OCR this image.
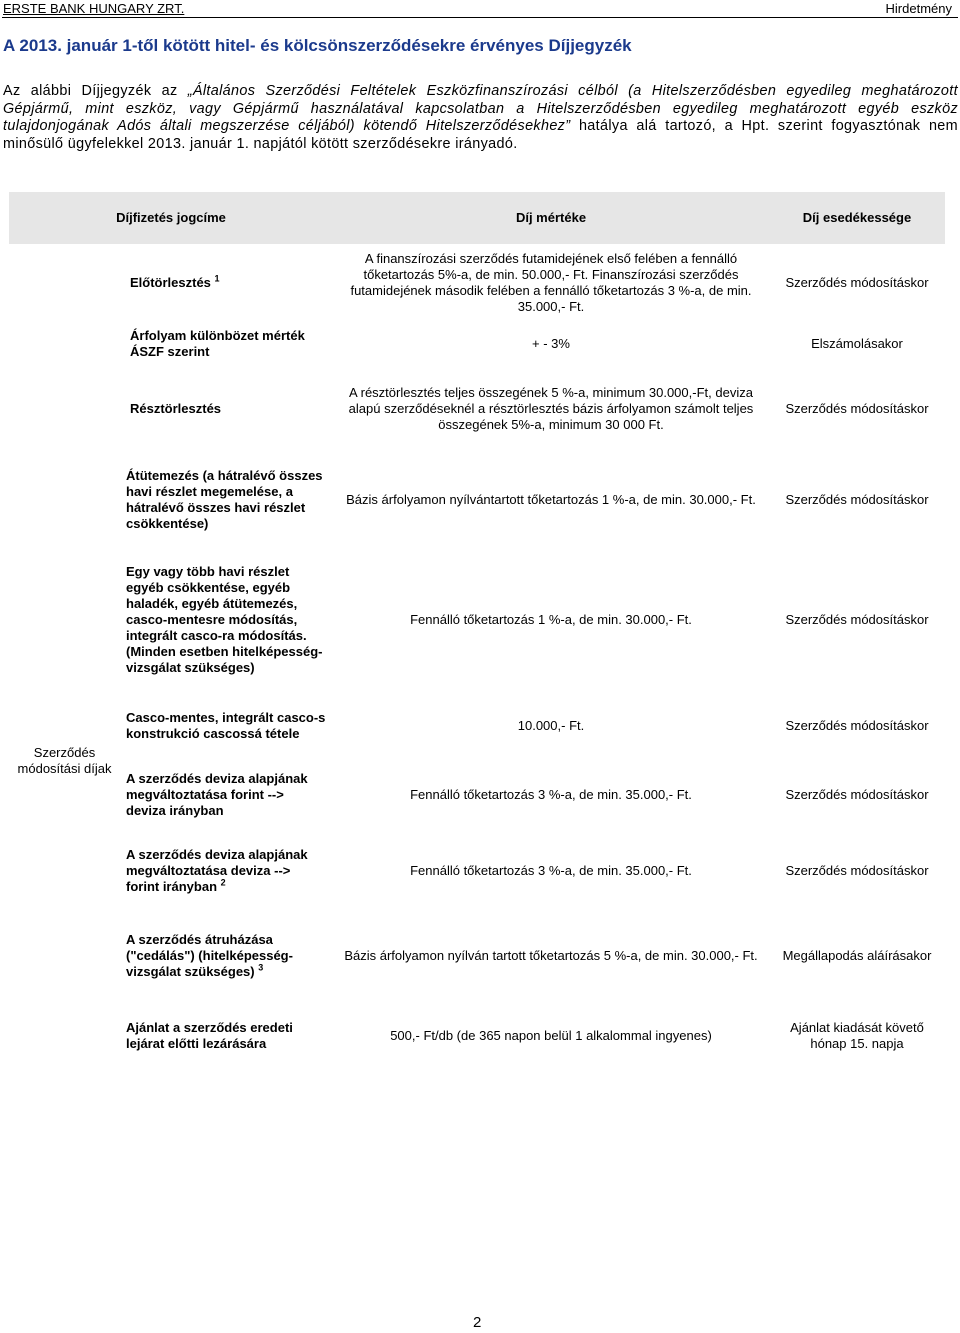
ERSTE BANK HUNGARY ZRT.	Hirdetmény
A 2013. január 1-től kötött hitel- és kölcsönszerződésekre érvényes Díjjegyzék
Az alábbi Díjjegyzék az „Általános Szerződési Feltételek Eszközfinanszírozási célból (a Hitelszerződésben egyedileg meghatározott Gépjármű, mint eszköz, vagy Gépjármű használatával kapcsolatban a Hitelszerződésben egyedileg meghatározott egyéb eszköz tulajdonjogának Adós általi megszerzése céljából) kötendő Hitelszerződésekhez” hatálya alá tartozó, a Hpt. szerint fogyasztónak nem minősülő ügyfelekkel 2013. január 1. napjától kötött szerződésekre irányadó.
Díjfizetés jogcíme		Díj mértéke	Díj esedékessége
Előtörlesztés $^1$		A finanszírozási szerződés futamidejének első felében a fennálló tőketartozás 5%-a, de min. 50.000,- Ft. Finanszírozási szerződés futamidejének második felében a fennálló tőketartozás 3 %-a, de min. 35.000,- Ft.	Szerződés módosításkor
Árfolyam különbözet mérték ÁSZF szerint		+ - 3%	Elszámolásakor
Résztörlesztés		A résztörlesztés teljes összegének 5 %-a, minimum 30.000,-Ft, deviza alapú szerződéseknél a résztörlesztés bázis árfolyamon számolt teljes összegének 5%-a, minimum 30 000 Ft.	Szerződés módosításkor
Szerződés módosítási díjak	Átütemezés (a hátralévő összes havi részlet megemelése, a hátralévő összes havi részlet csökkentése)	Bázis árfolyamon nyílvántartott tőketartozás 1 %-a, de min. 30.000,- Ft.	Szerződés módosításkor
	Egy vagy több havi részlet egyéb csökkentése, egyéb haladék, egyéb átütemezés, casco-mentesre módosítás, integrált casco-ra módosítás. (Minden esetben hitelképesség-vizsgálat szükséges)	Fennálló tőketartozás 1 %-a, de min. 30.000,- Ft.	Szerződés módosításkor
	Casco-mentes, integrált casco-s konstrukció cascossá tétele	10.000,- Ft.	Szerződés módosításkor
	A szerződés deviza alapjának megváltoztatása forint --> deviza irányban	Fennálló tőketartozás 3 %-a, de min. 35.000,- Ft.	Szerződés módosításkor
	A szerződés deviza alapjának megváltoztatása deviza --> forint irányban $^2$	Fennálló tőketartozás 3 %-a, de min. 35.000,- Ft.	Szerződés módosításkor
	A szerződés átruházása ("cedálás") (hitelképesség-vizsgálat szükséges) $^3$	Bázis árfolyamon nyílván tartott tőketartozás 5 %-a, de min. 30.000,- Ft.	Megállapodás aláírásakor
	Ajánlat a szerződés eredeti lejárat előtti lezárására	500,- Ft/db (de 365 napon belül 1 alkalommal ingyenes)	Ajánlat kiadását követő hónap 15. napja
2
